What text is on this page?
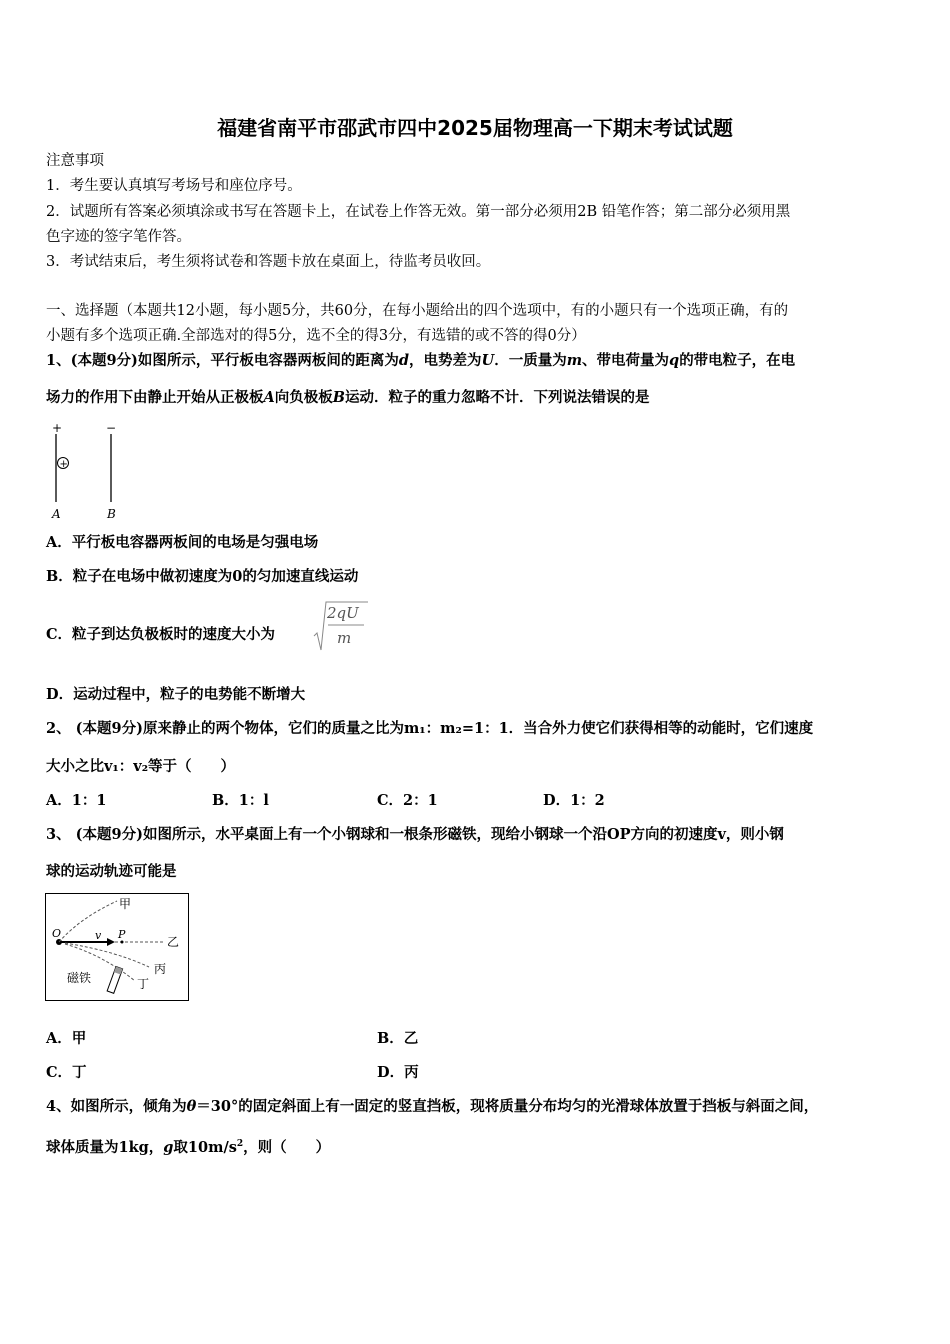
福建省南平市邵武市四中2025届物理高一下期末考试试题
注意事项
1．考生要认真填写考场号和座位序号。
2．试题所有答案必须填涂或书写在答题卡上，在试卷上作答无效。第一部分必须用2B 铅笔作答；第二部分必须用黑
色字迹的签字笔作答。
3．考试结束后，考生须将试卷和答题卡放在桌面上，待监考员收回。
一、选择题（本题共12小题，每小题5分，共60分，在每小题给出的四个选项中，有的小题只有一个选项正确，有的
小题有多个选项正确.全部选对的得5分，选不全的得3分，有选错的或不答的得0分）
1、(本题9分)如图所示，平行板电容器两板间的距离为d，电势差为U．一质量为m、带电荷量为q的带电粒子，在电
场力的作用下由静止开始从正极板A向负极板B运动．粒子的重力忽略不计．下列说法错误的是
+	−
+
A	B
A．平行板电容器两板间的电场是匀强电场
B．粒子在电场中做初速度为0的匀加速直线运动
C．粒子到达负极板时的速度大小为
2qU
m
D．运动过程中，粒子的电势能不断增大
2、 (本题9分)原来静止的两个物体，它们的质量之比为m₁：m₂=1：1．当合外力使它们获得相等的动能时，它们速度
大小之比v₁：v₂等于（　　）
A．1：1	B．1：l	C．2：1	D．1：2
3、 (本题9分)如图所示，水平桌面上有一个小钢球和一根条形磁铁，现给小钢球一个沿OP方向的初速度v，则小钢
球的运动轨迹可能是
O	v P
甲
乙
丙
丁
磁铁
A．甲	B．乙
C．丁	D．丙
4、如图所示，倾角为θ＝30°的固定斜面上有一固定的竖直挡板，现将质量分布均匀的光滑球体放置于挡板与斜面之间，
球体质量为1kg，g取$10m/s^2$，则（　　）
